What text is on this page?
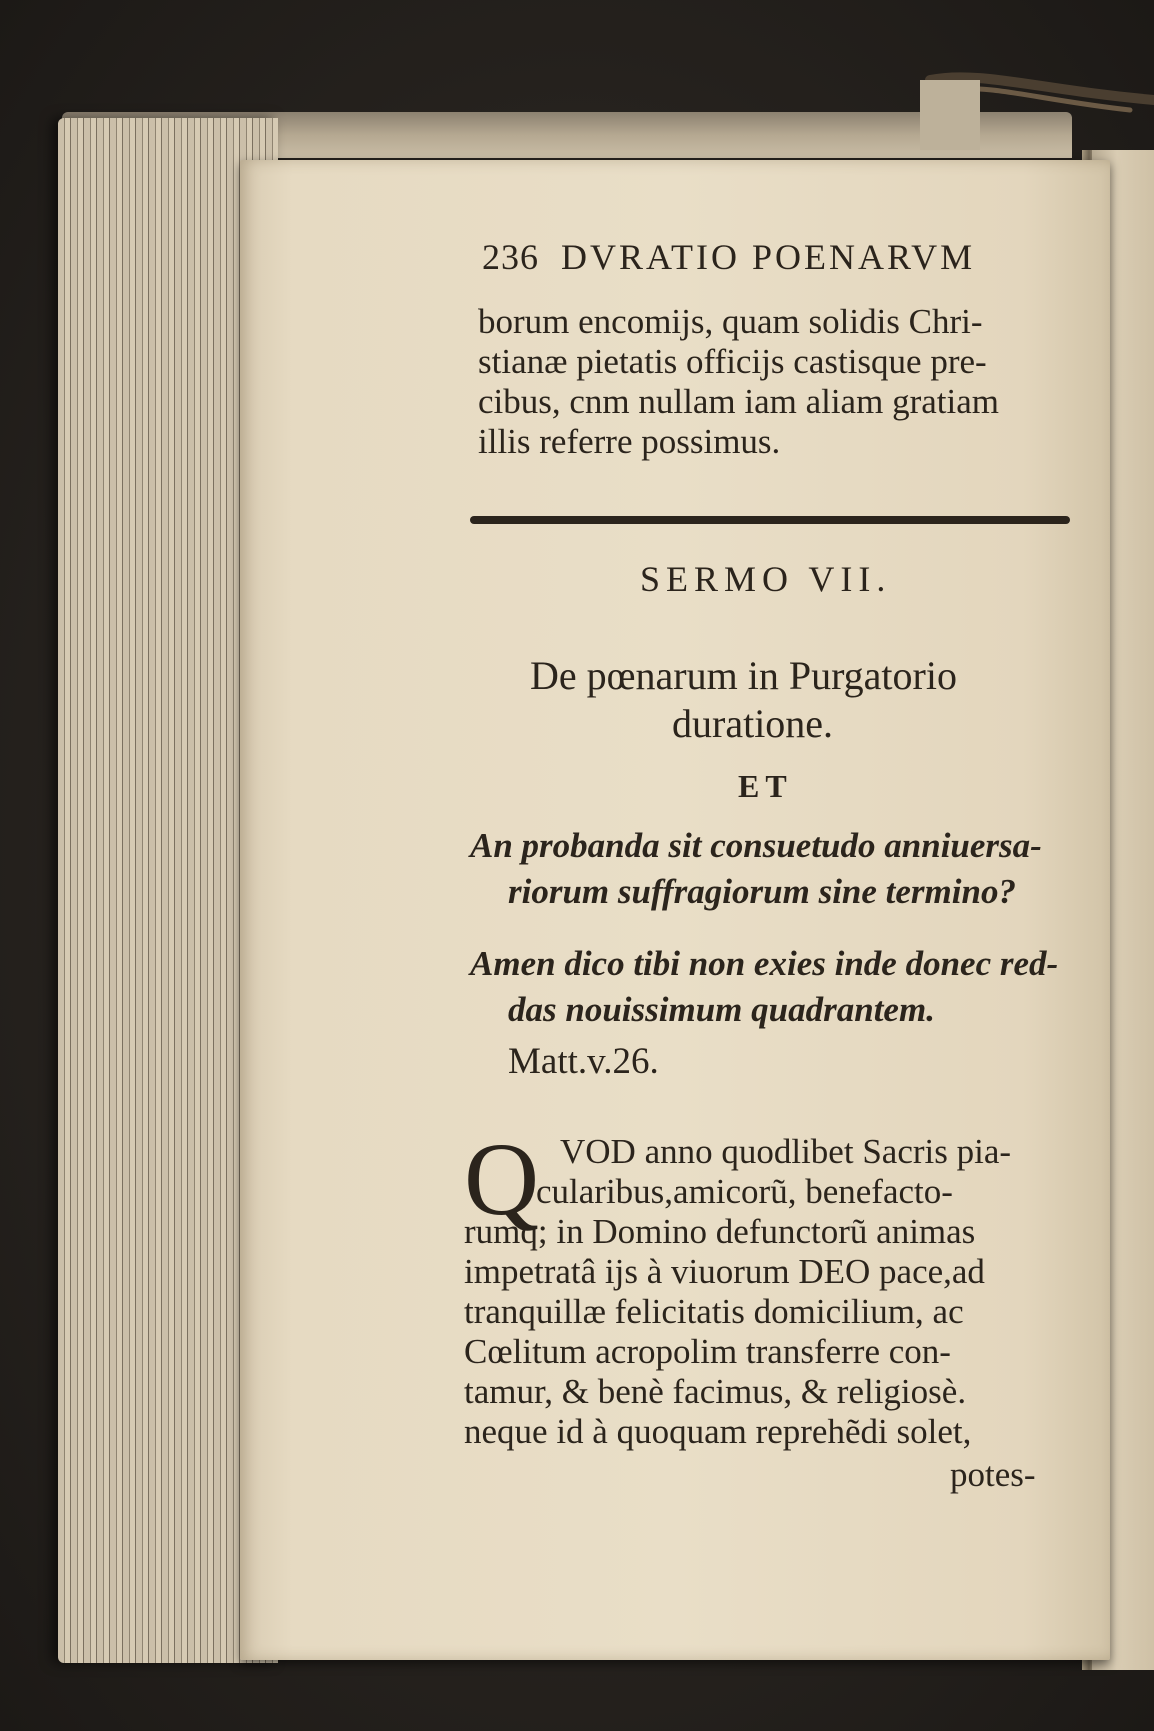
236 DVRATIO POENARVM
borum encomijs, quam solidis Chri-
stianæ pietatis officijs castisque pre-
cibus, cnm nullam iam aliam gratiam
illis referre possimus.
SERMO VII.
De pœnarum in Purgatorio
duratione.
ET
An probanda sit consuetudo anniuersa-
riorum suffragiorum sine termino?
Amen dico tibi non exies inde donec red-
das nouissimum quadrantem.
Matt.v.26.
Q VOD anno quodlibet Sacris pia-
cularibus,amicorũ, benefacto-
rumq; in Domino defunctorũ animas
impetratâ ijs à viuorum DEO pace,ad
tranquillæ felicitatis domicilium, ac
Cœlitum acropolim transferre con-
tamur, & benè facimus, & religiosè.
neque id à quoquam reprehẽdi solet,
potes-
